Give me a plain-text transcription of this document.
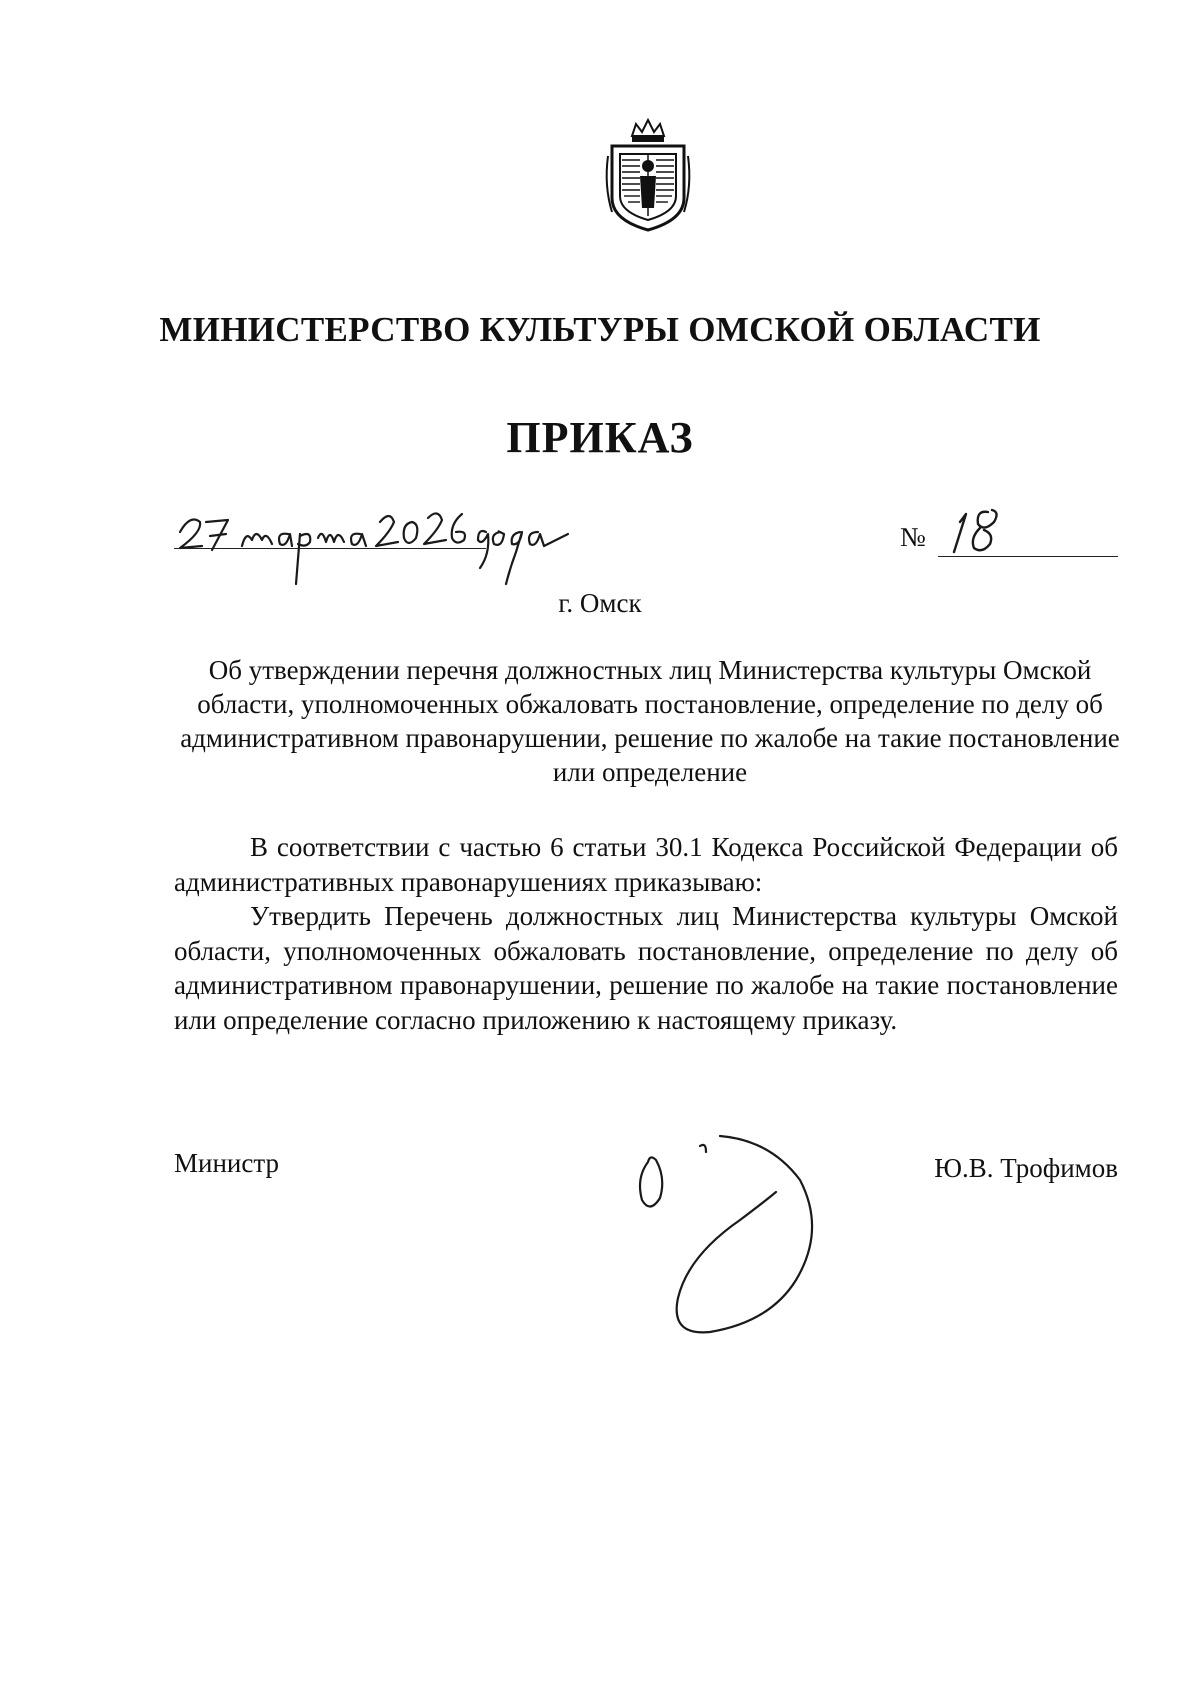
МИНИСТЕРСТВО КУЛЬТУРЫ ОМСКОЙ ОБЛАСТИ
ПРИКАЗ
№
г. Омск
Об утверждении перечня должностных лиц Министерства культуры Омской области, уполномоченных обжаловать постановление, определение по делу об административном правонарушении, решение по жалобе на такие постановление или определение

В соответствии с частью 6 статьи 30.1 Кодекса Российской Федерации об административных правонарушениях приказываю:

Утвердить Перечень должностных лиц Министерства культуры Омской области, уполномоченных обжаловать постановление, определение по делу об административном правонарушении, решение по жалобе на такие постановление или определение согласно приложению к настоящему приказу.

Министр	Ю.В. Трофимов
